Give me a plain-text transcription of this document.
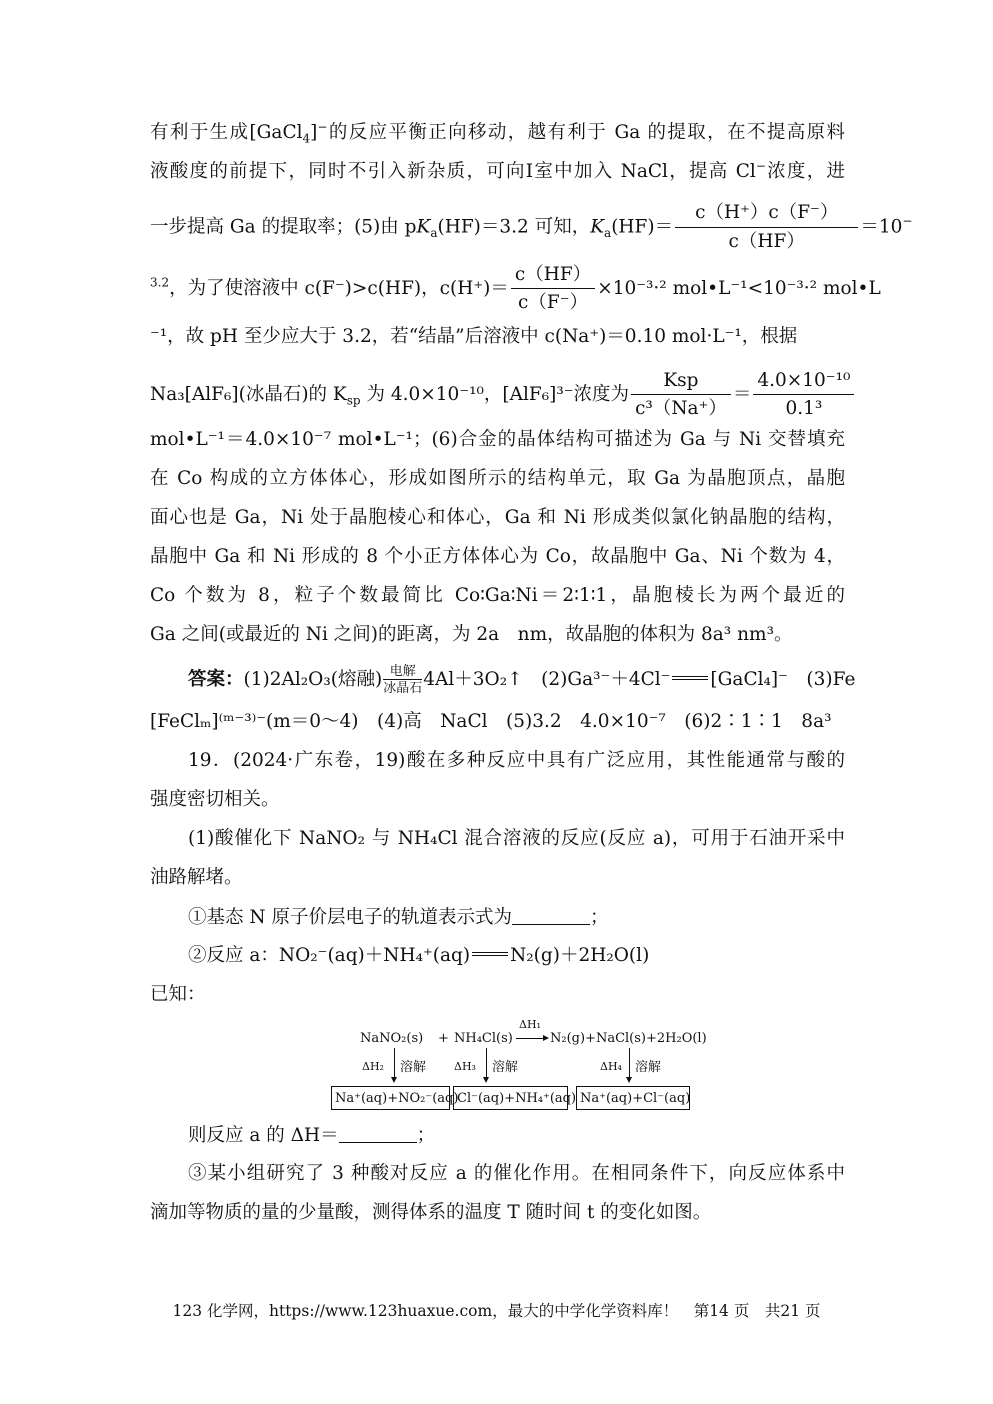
有利于生成[GaCl$_4$]−的反应平衡正向移动，越有利于 Ga 的提取，在不提高原料
液酸度的前提下，同时不引入新杂质，可向Ⅰ室中加入 NaCl，提高 Cl−浓度，进
一步提高 Ga 的提取率；(5)由 $pK_a(HF)=3.2$ 可知，$K_a(HF)= \frac{c(H^+)c(F^-)}{c(HF)} =10^-$
$^{3.2}$，为了使溶液中 c(F⁻)>c(HF)，$c(H^+)= \frac{c(HF)}{c(F^-)} \times 10^{-3}\cdot^2$ mol•L⁻¹<10⁻³·² mol•L
⁻¹，故 pH 至少应大于 3.2，若“结晶”后溶液中 c(Na⁺)＝0.10 mol·L⁻¹，根据
Na₃[AlF₆](冰晶石)的 $K_{sp}$ 为 4.0×10⁻¹⁰，[AlF₆]³⁻浓度为 $\frac{\text{Ksp}}{\text{c³（Na⁺）}} = \frac{\text{4.0×10⁻¹⁰}}{\text{0.1³}}$
mol•L⁻¹＝4.0×10⁻⁷ mol•L⁻¹；(6)合金的晶体结构可描述为 Ga 与 Ni 交替填充
在 Co 构成的立方体体心，形成如图所示的结构单元，取 Ga 为晶胞顶点，晶胞
面心也是 Ga，Ni 处于晶胞棱心和体心，Ga 和 Ni 形成类似氯化钠晶胞的结构，
晶胞中 Ga 和 Ni 形成的 8 个小正方体体心为 Co，故晶胞中 Ga、Ni 个数为 4，
Co 个数为 8，粒子个数最简比 Co∶Ga∶Ni＝2∶1∶1，晶胞棱长为两个最近的
Ga 之间(或最近的 Ni 之间)的距离，为 2a　nm，故晶胞的体积为 8a³ nm³。
答案：(1)2Al₂O₃(熔融) 电解
冰晶石 4Al＋3O₂↑　(2)Ga³⁻＋4Cl⁻ [GaCl₄]⁻　(3)Fe
[FeClₘ]⁽ᵐ⁻³⁾⁻(m＝0～4)　(4)高　NaCl　(5)3.2　4.0×10⁻⁷　(6)2∶1∶1　8a³
19．(2024·广东卷，19)酸在多种反应中具有广泛应用，其性能通常与酸的
强度密切相关。
(1)酸催化下 NaNO₂ 与 NH₄Cl 混合溶液的反应(反应 a)，可用于石油开采中
油路解堵。
①基态 N 原子价层电子的轨道表示式为	；
②反应 a：NO₂⁻(aq)＋NH₄⁺(aq) N₂(g)＋2H₂O(l)
已知：
NaNO₂(s) + NH₄Cl(s)
ΔH₁
→ N₂(g)+NaCl(s)+2H₂O(l)
ΔH₂ 溶解	ΔH₃ 溶解	ΔH₄ 溶解
Na⁺(aq)+NO₂⁻(aq)
Cl⁻(aq)+NH₄⁺(aq) Na⁺(aq)+Cl⁻(aq)
则反应 a 的 ΔH＝	；
③某小组研究了 3 种酸对反应 a 的催化作用。在相同条件下，向反应体系中
滴加等物质的量的少量酸，测得体系的温度 T 随时间 t 的变化如图。
123 化学网，https://www.123huaxue.com，最大的中学化学资料库！　第14 页　共21 页
